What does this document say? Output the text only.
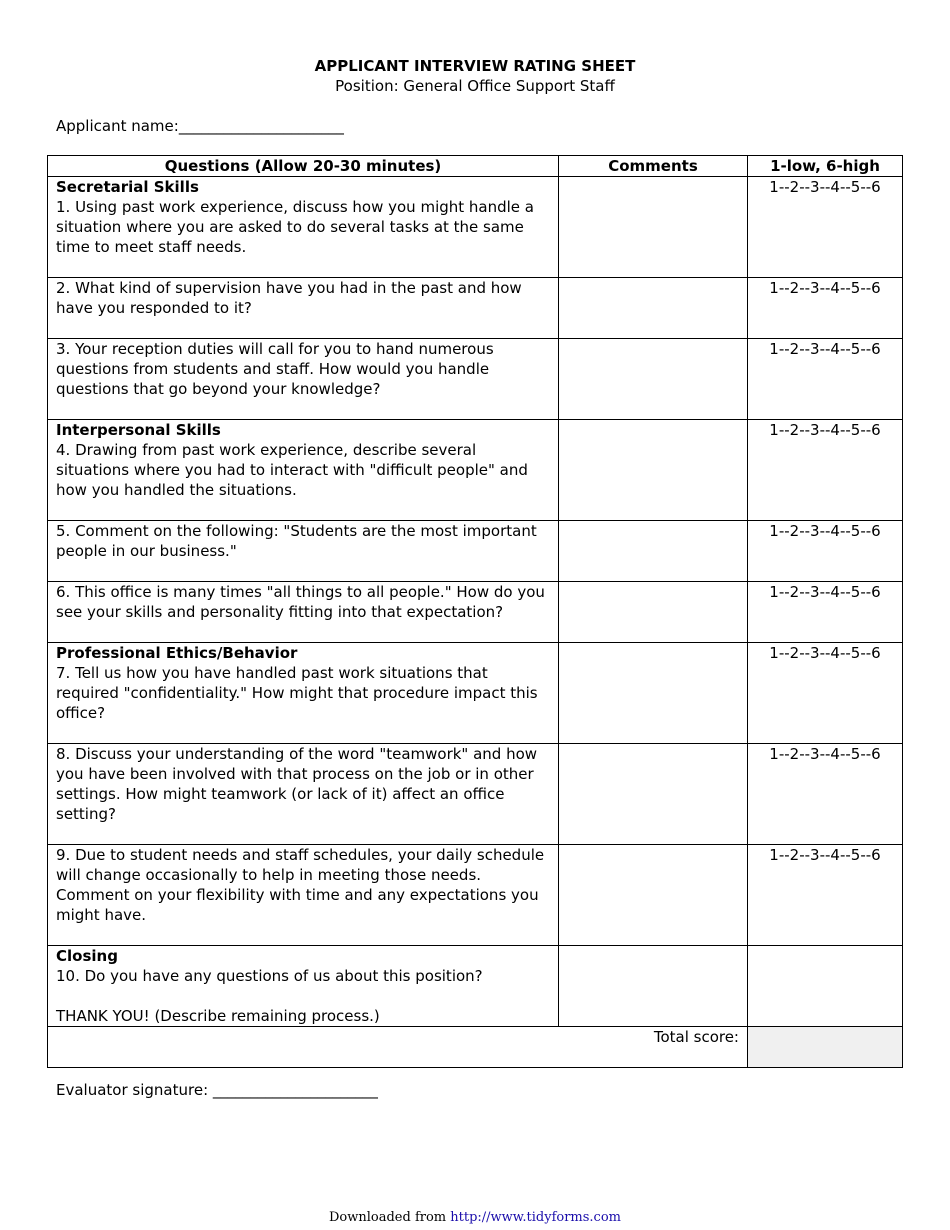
APPLICANT INTERVIEW RATING SHEET
Position: General Office Support Staff
Applicant name:______________________
Questions (Allow 20-30 minutes)	Comments	1-low, 6-high

Secretarial Skills
1. Using past work experience, discuss how you might handle a situation where you are asked to do several tasks at the same time to meet staff needs.		1--2--3--4--5--6
2. What kind of supervision have you had in the past and how have you responded to it?		1--2--3--4--5--6
3. Your reception duties will call for you to hand numerous questions from students and staff. How would you handle questions that go beyond your knowledge?		1--2--3--4--5--6

Interpersonal Skills
4. Drawing from past work experience, describe several situations where you had to interact with "difficult people" and how you handled the situations.		1--2--3--4--5--6
5. Comment on the following: "Students are the most important people in our business."		1--2--3--4--5--6
6. This office is many times "all things to all people." How do you see your skills and personality fitting into that expectation?		1--2--3--4--5--6

Professional Ethics/Behavior
7. Tell us how you have handled past work situations that required "confidentiality." How might that procedure impact this office?		1--2--3--4--5--6
8. Discuss your understanding of the word "teamwork" and how you have been involved with that process on the job or in other settings. How might teamwork (or lack of it) affect an office setting?		1--2--3--4--5--6
9. Due to student needs and staff schedules, your daily schedule will change occasionally to help in meeting those needs. Comment on your flexibility with time and any expectations you might have.		1--2--3--4--5--6

Closing
10. Do you have any questions of us about this position?

THANK YOU! (Describe remaining process.)		
Total score:		
Evaluator signature: ______________________
Downloaded from http://www.tidyforms.com
